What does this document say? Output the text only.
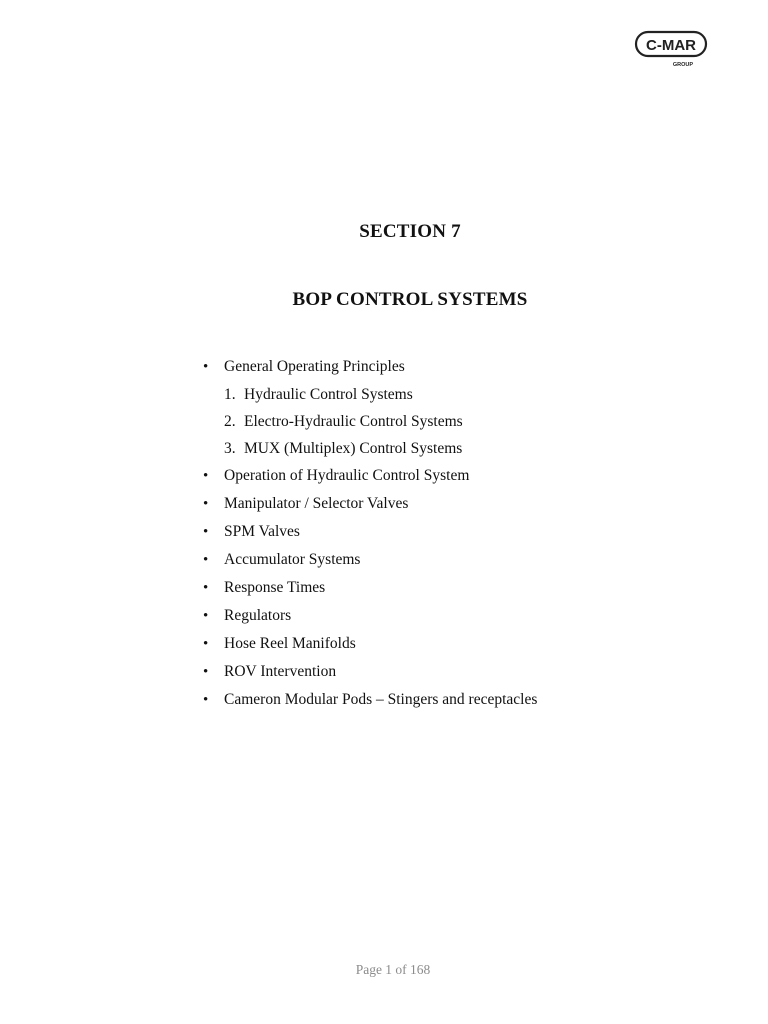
C-MAR
GROUP
SECTION 7
BOP CONTROL SYSTEMS
• General Operating Principles
1. Hydraulic Control Systems
2. Electro-Hydraulic Control Systems
3. MUX (Multiplex) Control Systems
• Operation of Hydraulic Control System
• Manipulator / Selector Valves
• SPM Valves
• Accumulator Systems
• Response Times
• Regulators
• Hose Reel Manifolds
• ROV Intervention
• Cameron Modular Pods – Stingers and receptacles
Page 1 of 168
